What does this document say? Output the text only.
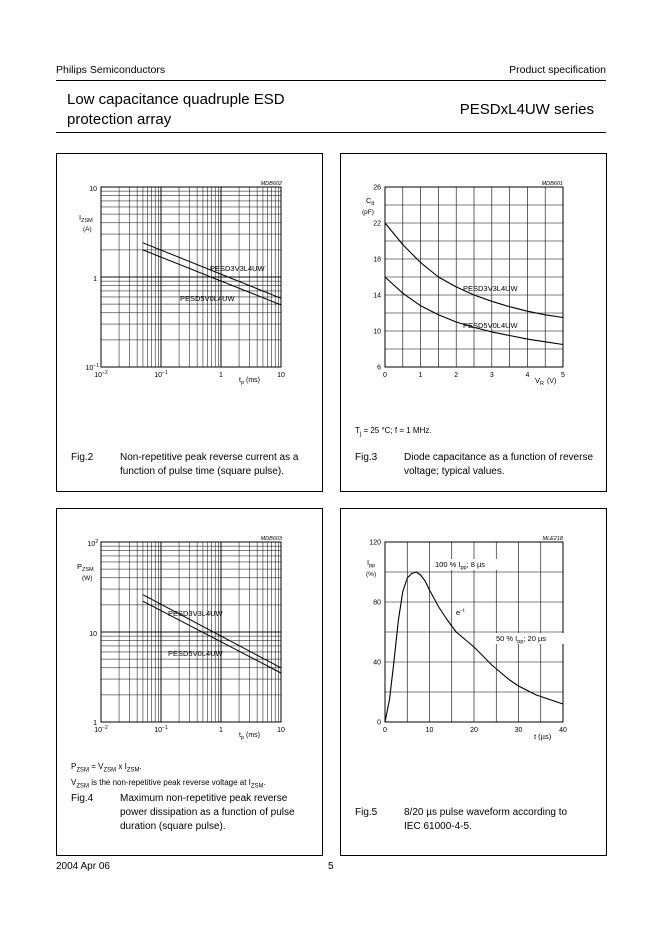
Philips Semiconductors	Product specification
Low capacitance quadruple ESD
protection array
PESDxL4UW series
MDB602
$I_{ZSM}$
(A)
10
1
$10^{-1}$
$10^{-2}$	$10^{-1}$	1	10
$t_p$ (ms)
PESD3V3L4UW
PESD5V0L4UW
Fig.2	Non-repetitive peak reverse current as a
function of pulse time (square pulse).
MDB601
$C_d$
(pF)
26
22
18
14
10
6
0	1	2	3	4	5
$V_R$ (V)
PESD3V3L4UW
PESD5V0L4UW
$T_j = 25$ °C; f = 1 MHz.
Fig.3	Diode capacitance as a function of reverse
voltage; typical values.
MDB603
$P_{ZSM}$
(W)
$10^2$
10
1
$10^{-2}$	$10^{-1}$	1	10
$t_p$ (ms)
PESD3V3L4UW
PESD5V0L4UW
$P_{ZSM} = V_{ZSM}$ x $I_{ZSM}$.
$V_{ZSM}$ is the non-repetitive peak reverse voltage at $I_{ZSM}$.
Fig.4	Maximum non-repetitive peak reverse
power dissipation as a function of pulse
duration (square pulse).
MLE218
$I_{pp}$
(%)
120
80
40
0
0	10	20	30	40
t (µs)
100 % $I_{pp}$; 8 µs
$e^{-t}$
50 % $I_{pp}$; 20 µs
Fig.5	8/20 µs pulse waveform according to
IEC 61000-4-5.
2004 Apr 06	5
